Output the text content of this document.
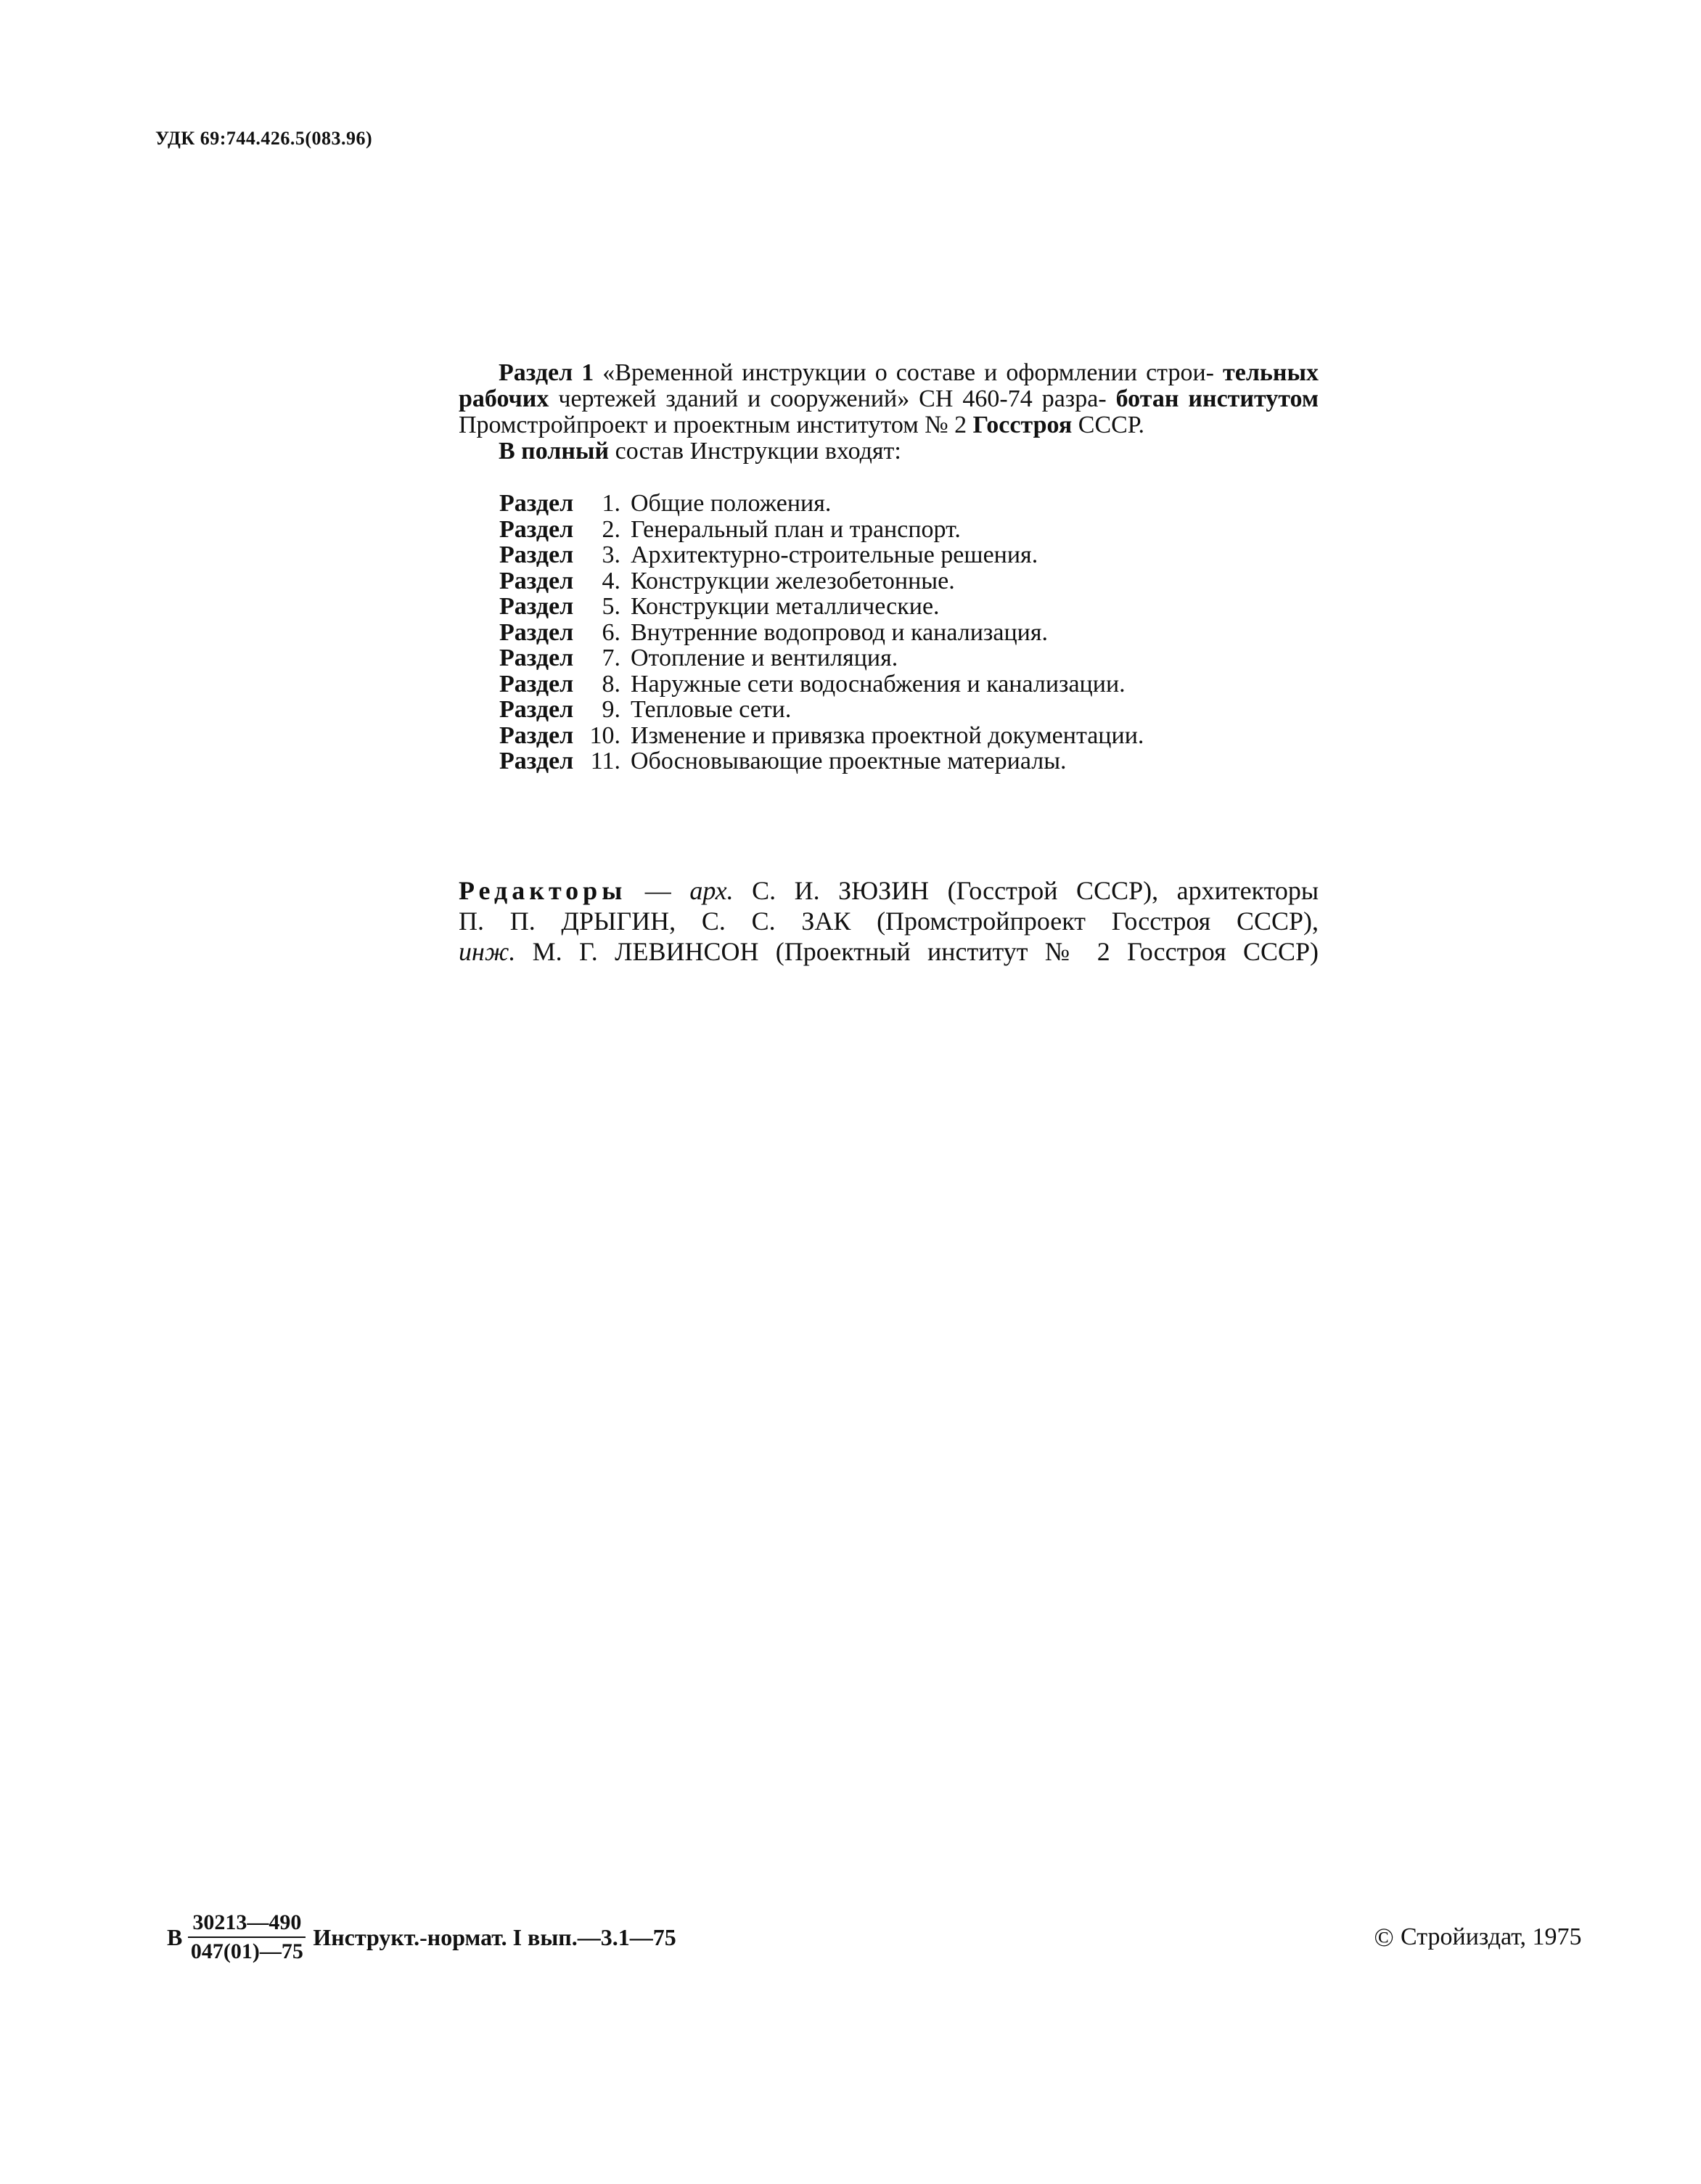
УДК 69:744.426.5(083.96)

Раздел 1 «Временной инструкции о составе и оформлении строи- тельных рабочих чертежей зданий и сооружений» СН 460-74 разра- ботан институтом Промстройпроект и проектным институтом № 2 Госстроя СССР.

В полный состав Инструкции входят:

Раздел	1. Общие положения.
Раздел	2. Генеральный план и транспорт.
Раздел	3. Архитектурно-строительные решения.
Раздел	4. Конструкции железобетонные.
Раздел	5. Конструкции металлические.
Раздел	6. Внутренние водопровод и канализация.
Раздел	7. Отопление и вентиляция.
Раздел	8. Наружные сети водоснабжения и канализации.
Раздел	9. Тепловые сети.
Раздел 10. Изменение и привязка проектной документации.
Раздел 11. Обосновывающие проектные материалы.

Редакторы — арх. С. И. ЗЮЗИН (Госстрой СССР), архитекторы

П. П. ДРЫГИН, С. С. ЗАК (Промстройпроект Госстроя СССР),

инж. М. Г. ЛЕВИНСОН (Проектный институт № 2 Госстроя СССР)

В $\frac{30213—490}{047(01)—75}$ Инструкт.-нормат. I вып.—3.1—75	© Стройиздат, 1975
